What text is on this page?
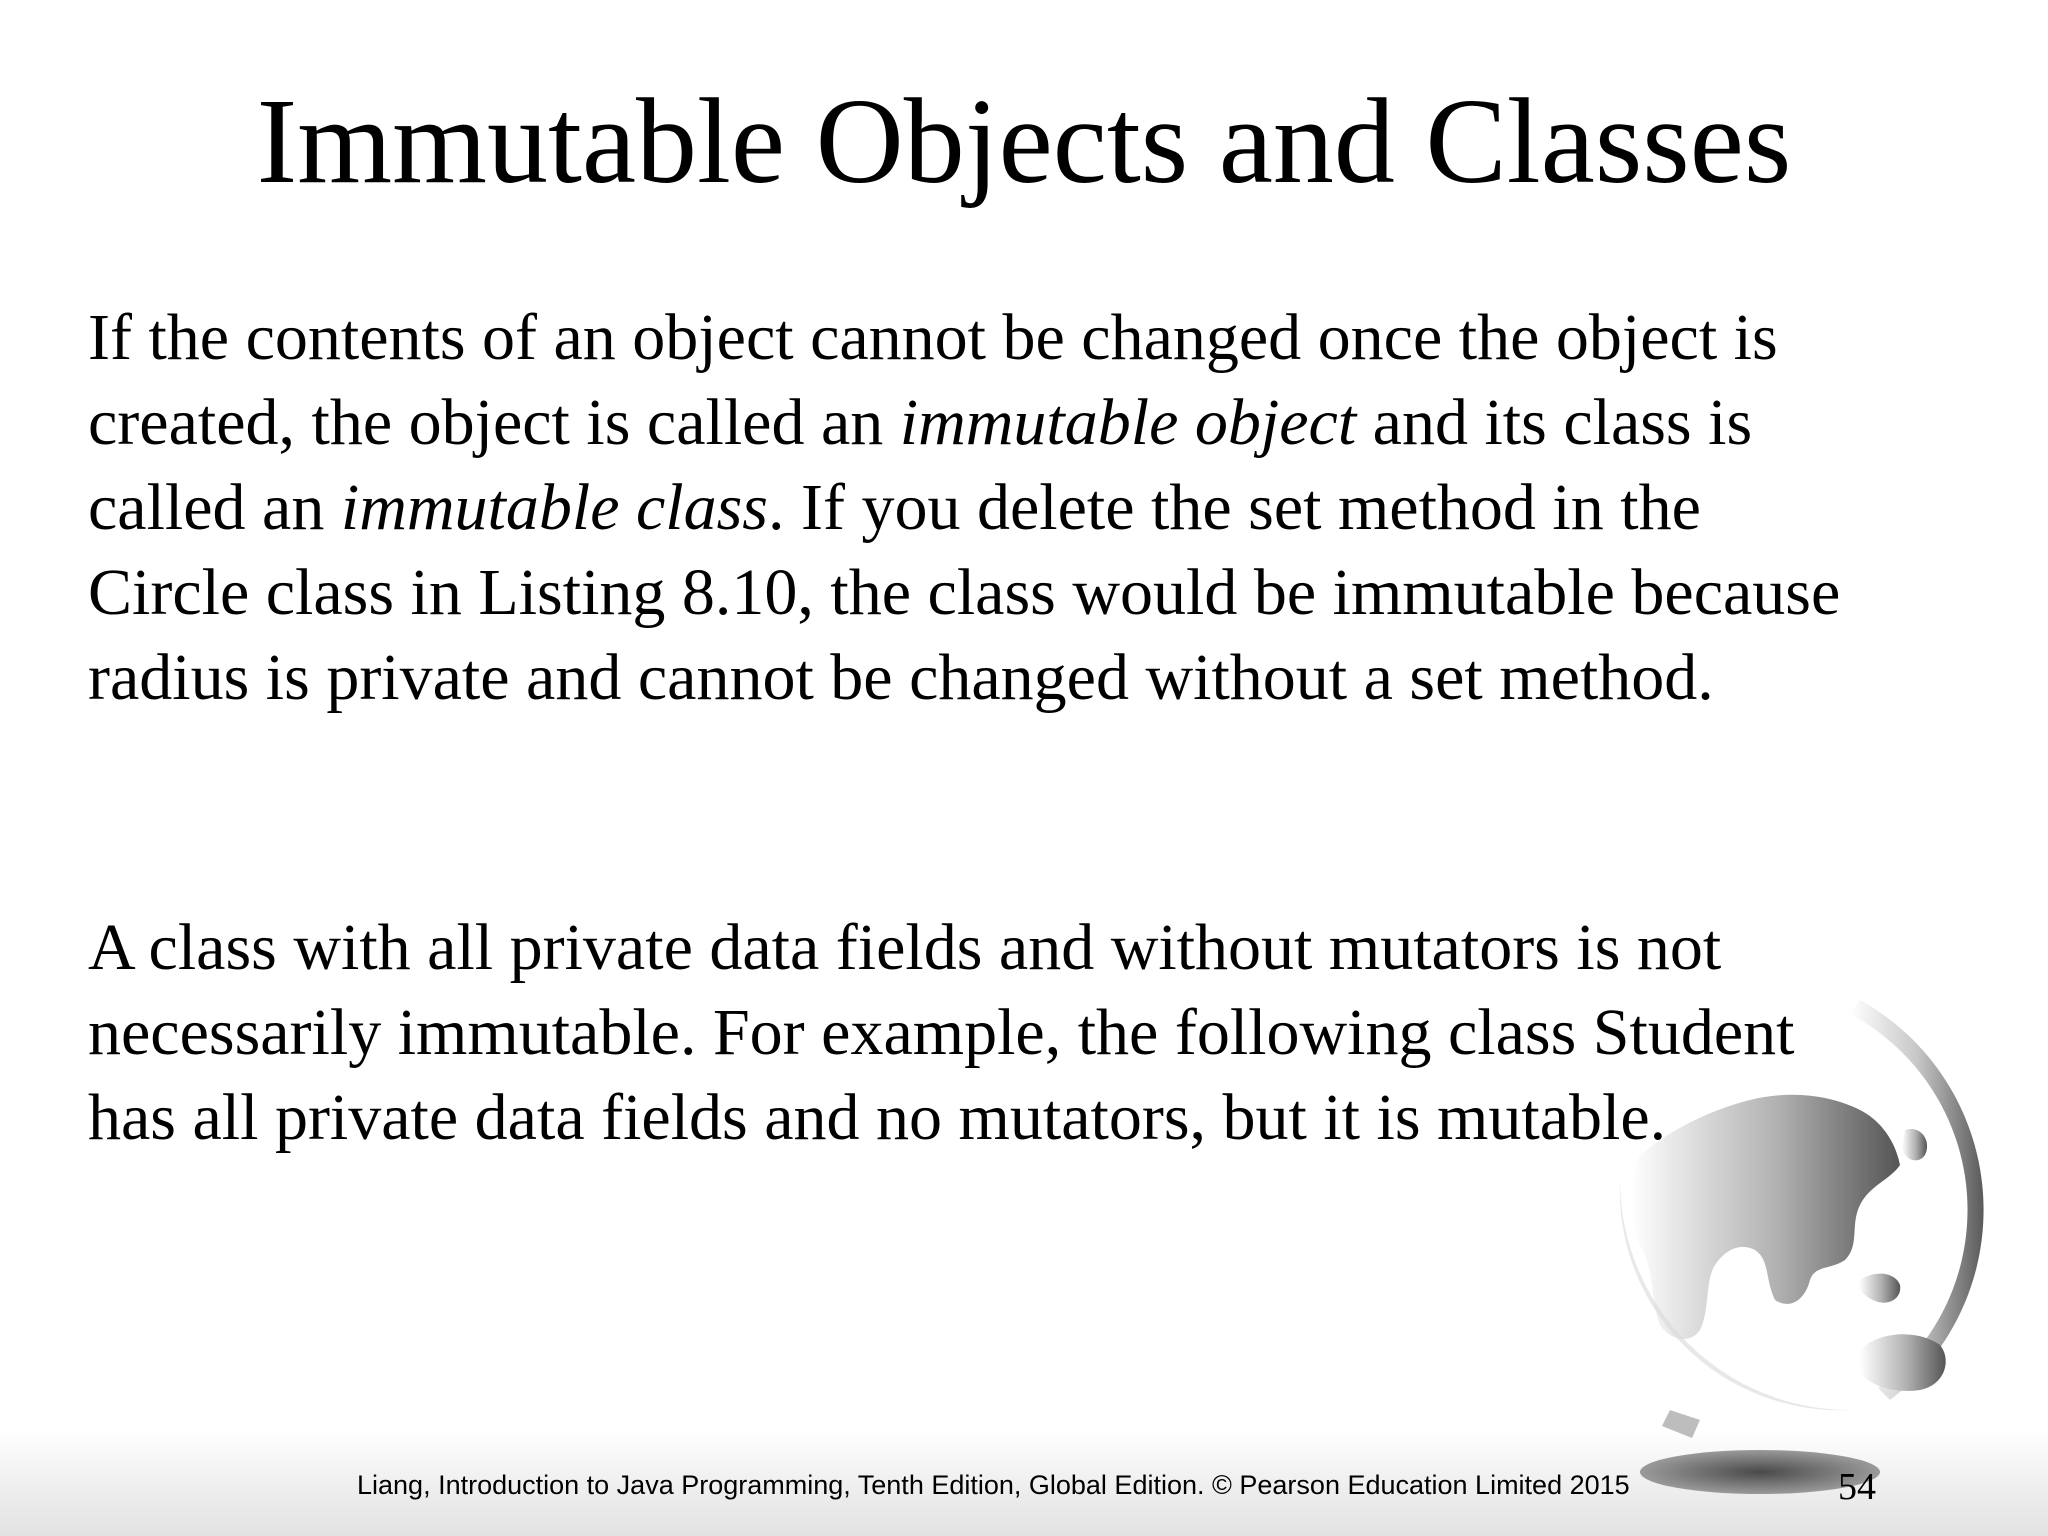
Immutable Objects and Classes

If the contents of an object cannot be changed once the object is
created, the object is called an immutable object and its class is
called an immutable class. If you delete the set method in the
Circle class in Listing 8.10, the class would be immutable because
radius is private and cannot be changed without a set method.

A class with all private data fields and without mutators is not
necessarily immutable. For example, the following class Student
has all private data fields and no mutators, but it is mutable.

Liang, Introduction to Java Programming, Tenth Edition, Global Edition. © Pearson Education Limited 2015	54
